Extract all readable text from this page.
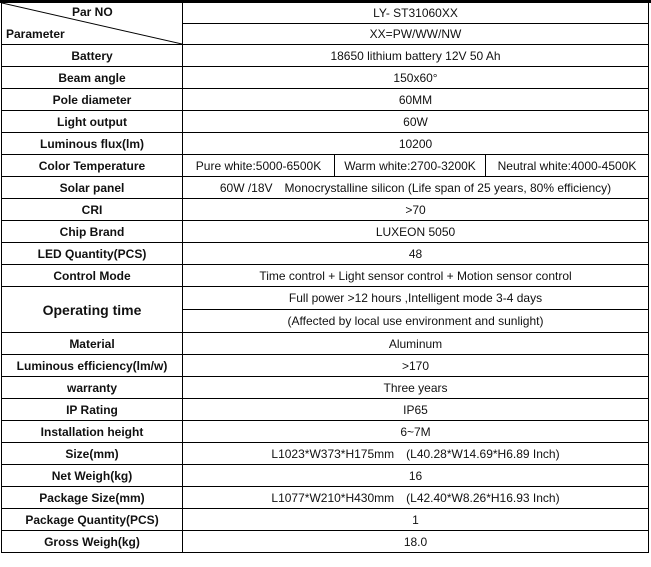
Par NO
Parameter	LY- ST31060XX		
	XX=PW/WW/NW		
Battery	18650 lithium battery 12V 50 Ah		
Beam angle	150x60°		
Pole diameter	60MM		
Light output	60W		
Luminous flux(lm)	10200		
Color Temperature	Pure white:5000-6500K	Warm white:2700-3200K	Neutral white:4000-4500K
Solar panel	60W /18V Monocrystalline silicon (Life span of 25 years, 80% efficiency)		
CRI	>70		
Chip Brand	LUXEON 5050		
LED Quantity(PCS)	48		
Control Mode	Time control + Light sensor control + Motion sensor control		
Operating time	Full power >12 hours ,Intelligent mode 3-4 days		
	(Affected by local use environment and sunlight)		
Material	Aluminum		
Luminous efficiency(lm/w)	>170		
warranty	Three years		
IP Rating	IP65		
Installation height	6~7M		
Size(mm)	L1023*W373*H175mm (L40.28*W14.69*H6.89 Inch)		
Net Weigh(kg)	16		
Package Size(mm)	L1077*W210*H430mm (L42.40*W8.26*H16.93 Inch)		
Package Quantity(PCS)	1		
Gross Weigh(kg)	18.0		
